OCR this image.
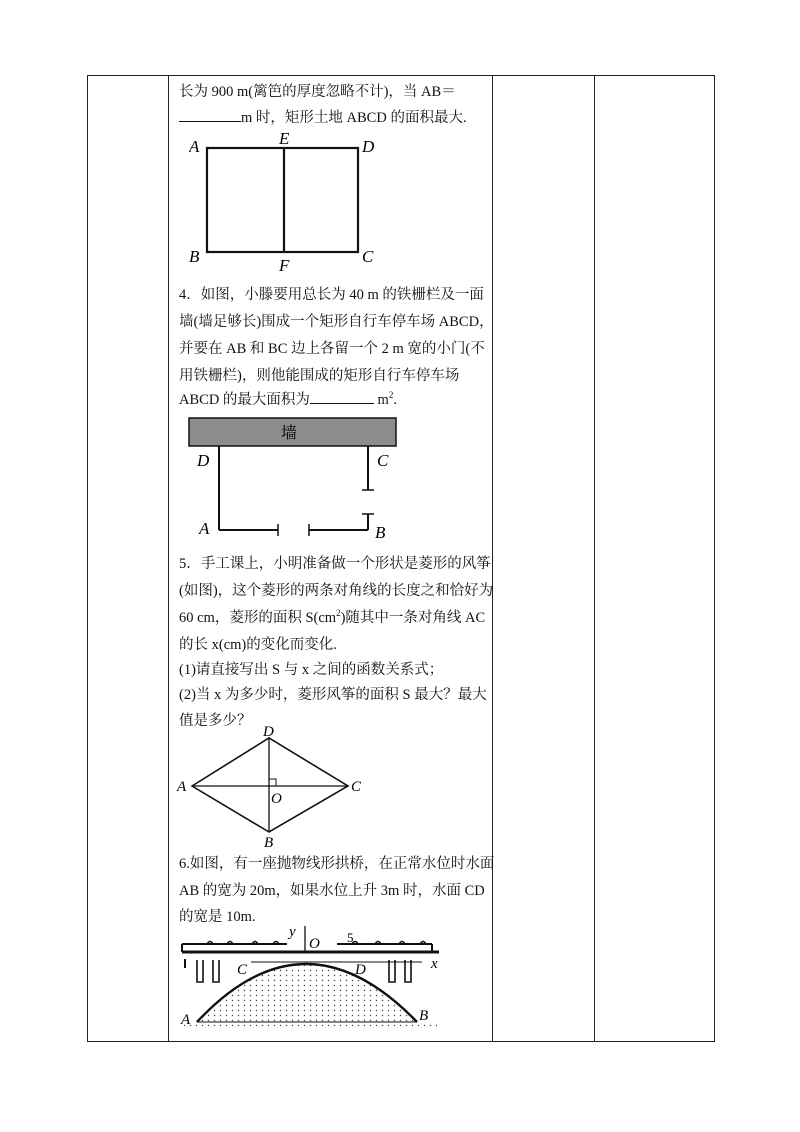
长为 900 m(篱笆的厚度忽略不计)，当 AB＝
m 时，矩形土地 ABCD 的面积最大.
A	E	D
B	F	C
4．如图，小滕要用总长为 40 m 的铁栅栏及一面
墙(墙足够长)围成一个矩形自行车停车场 ABCD，
并要在 AB 和 BC 边上各留一个 2 m 宽的小门(不
用铁栅栏)，则他能围成的矩形自行车停车场
ABCD 的最大面积为	$m^2$.
墙
D	C
A	B
5．手工课上，小明准备做一个形状是菱形的风筝
(如图)，这个菱形的两条对角线的长度之和恰好为
60 cm，菱形的面积 $S(cm^2)$随其中一条对角线 AC
的长 x(cm)的变化而变化.
(1)请直接写出 S 与 x 之间的函数关系式；
(2)当 x 为多少时，菱形风筝的面积 S 最大？最大
值是多少？
A
D
C
B
O
6.如图，有一座抛物线形拱桥，在正常水位时水面
AB 的宽为 20m，如果水位上升 3m 时，水面 CD
的宽是 10m.
y
O 5
x
C	D
A	B
